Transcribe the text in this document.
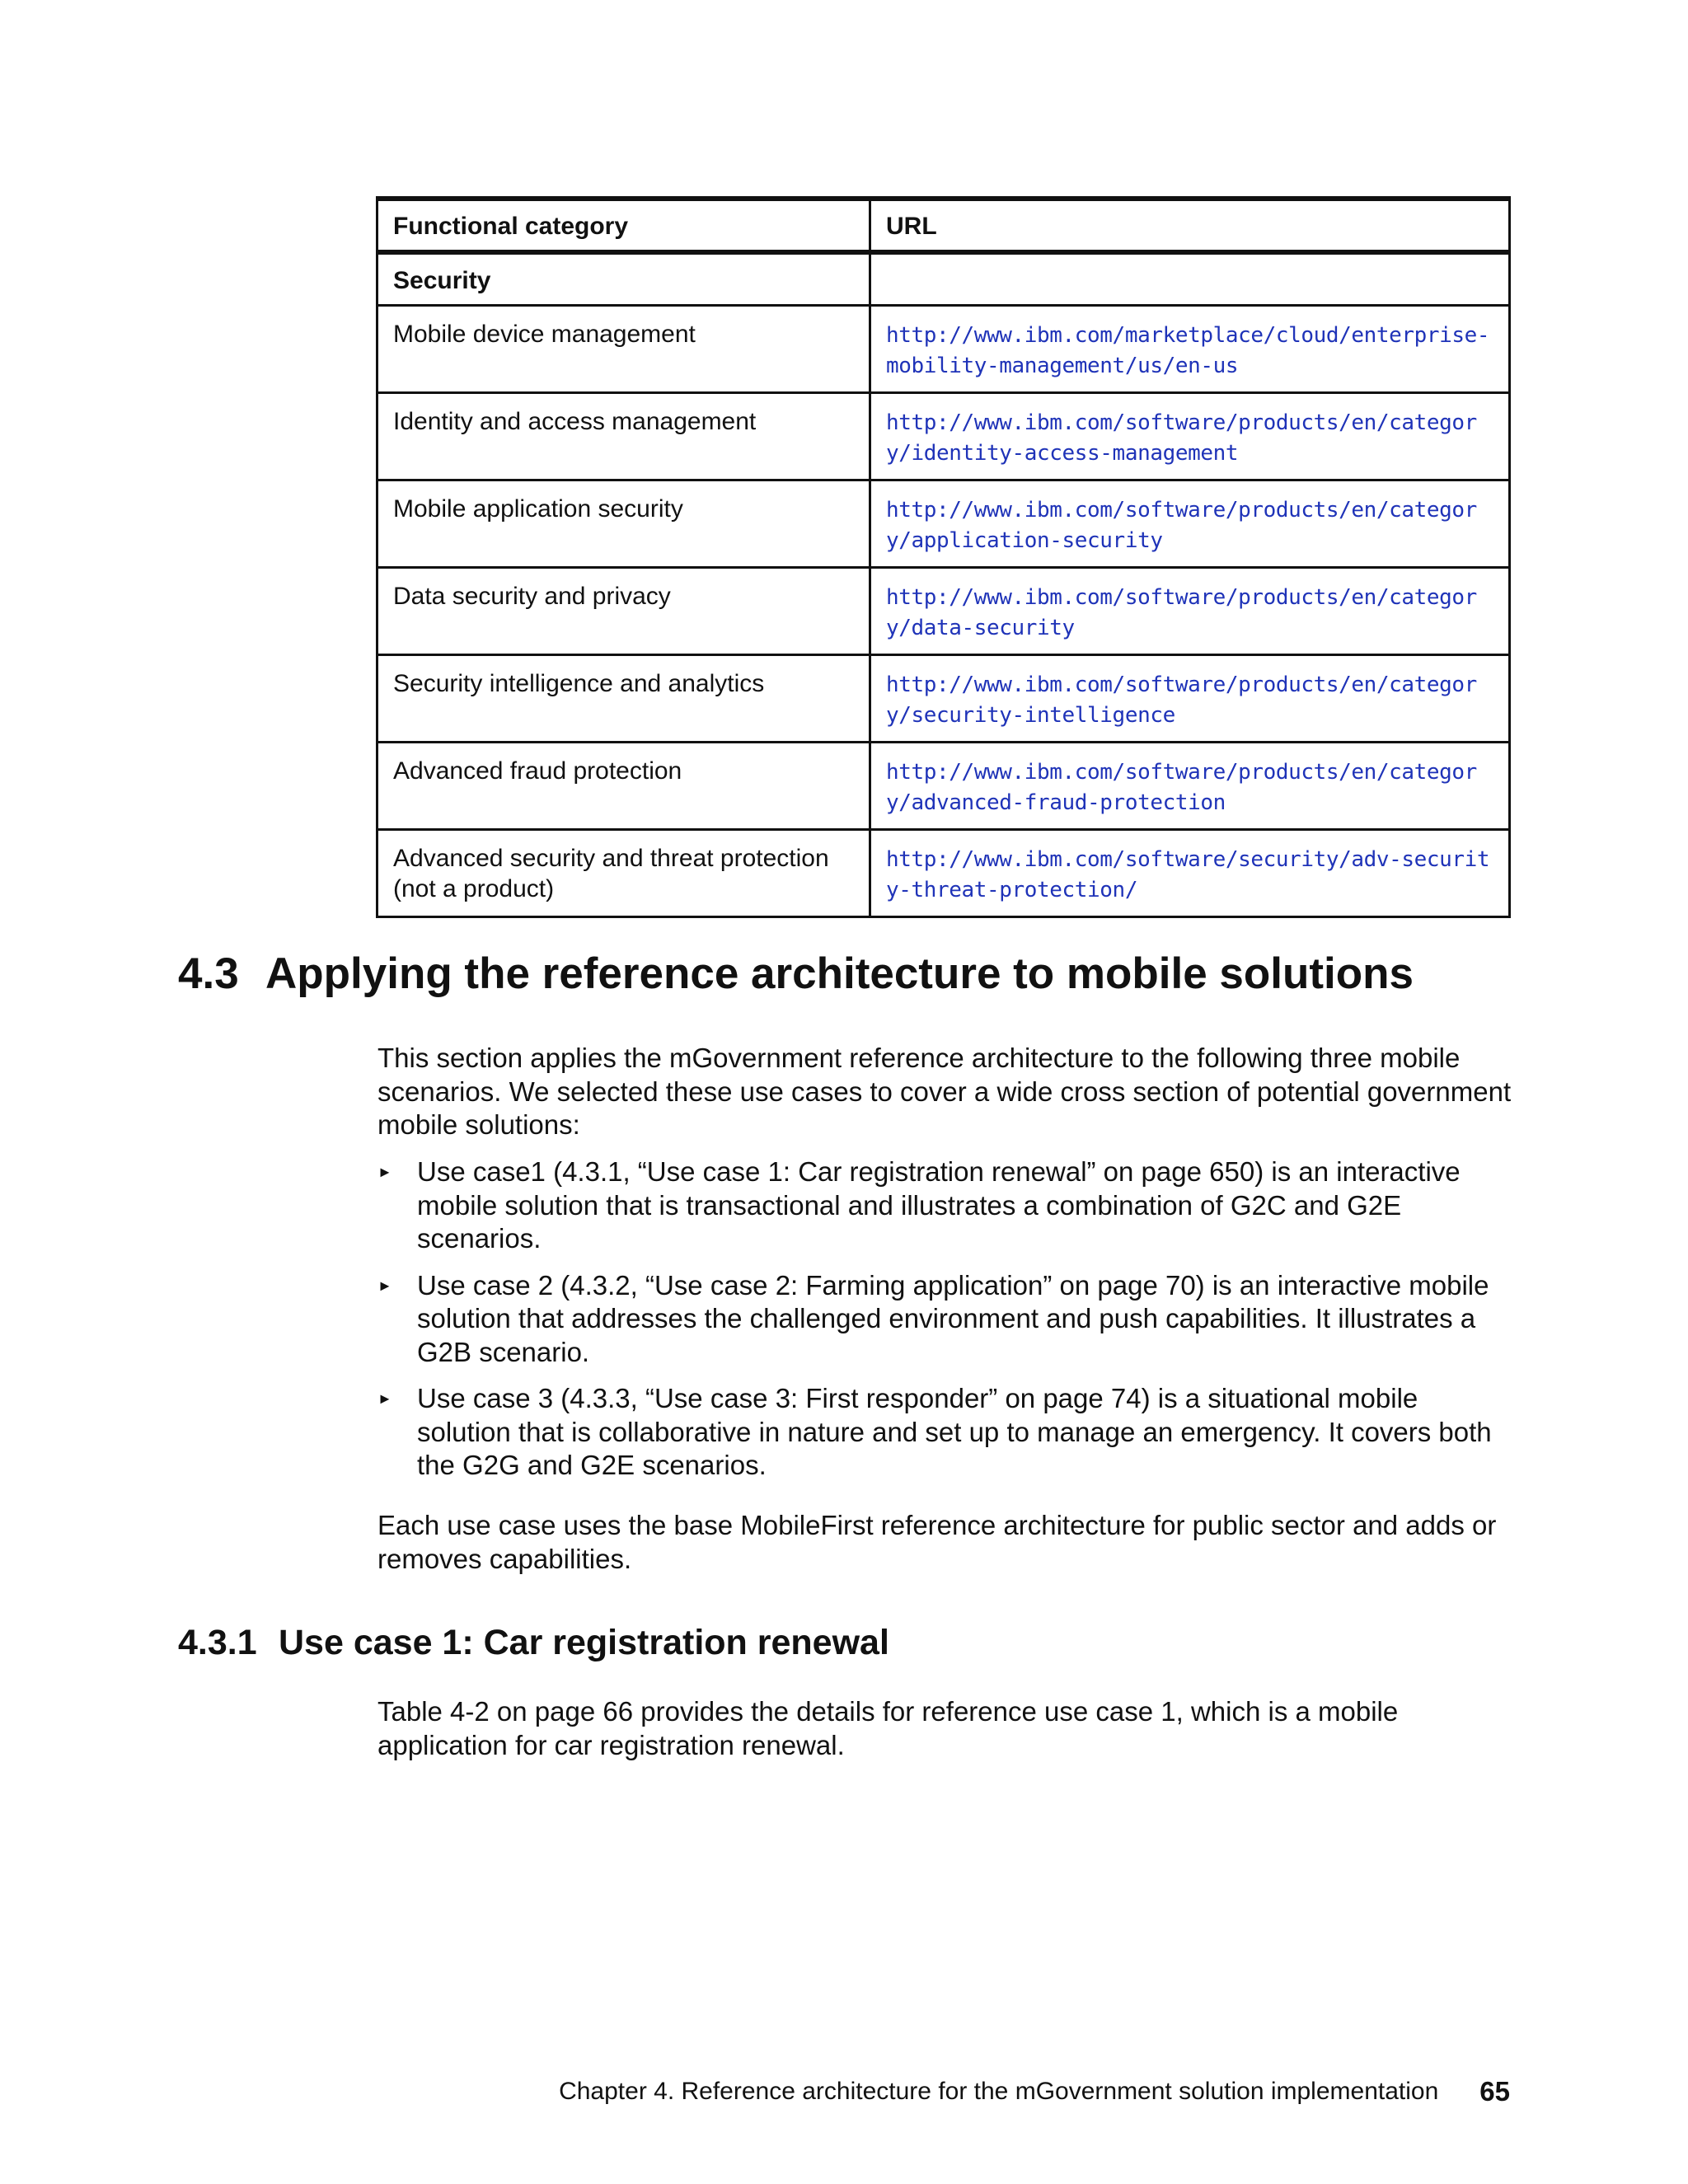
Functional category	URL
Security	
Mobile device management	http://www.ibm.com/marketplace/cloud/enterprise-mobility-management/us/en-us
Identity and access management	http://www.ibm.com/software/products/en/category/identity-access-management
Mobile application security	http://www.ibm.com/software/products/en/category/application-security
Data security and privacy	http://www.ibm.com/software/products/en/category/data-security
Security intelligence and analytics	http://www.ibm.com/software/products/en/category/security-intelligence
Advanced fraud protection	http://www.ibm.com/software/products/en/category/advanced-fraud-protection
Advanced security and threat protection (not a product)	http://www.ibm.com/software/security/adv-security-threat-protection/
4.3 Applying the reference architecture to mobile solutions

This section applies the mGovernment reference architecture to the following three mobile scenarios. We selected these use cases to cover a wide cross section of potential government mobile solutions:

► Use case1 (4.3.1, “Use case 1: Car registration renewal” on page 650) is an interactive mobile solution that is transactional and illustrates a combination of G2C and G2E scenarios.
► Use case 2 (4.3.2, “Use case 2: Farming application” on page 70) is an interactive mobile solution that addresses the challenged environment and push capabilities. It illustrates a G2B scenario.
► Use case 3 (4.3.3, “Use case 3: First responder” on page 74) is a situational mobile solution that is collaborative in nature and set up to manage an emergency. It covers both the G2G and G2E scenarios.

Each use case uses the base MobileFirst reference architecture for public sector and adds or removes capabilities.

4.3.1 Use case 1: Car registration renewal

Table 4-2 on page 66 provides the details for reference use case 1, which is a mobile application for car registration renewal.

Chapter 4. Reference architecture for the mGovernment solution implementation 65
